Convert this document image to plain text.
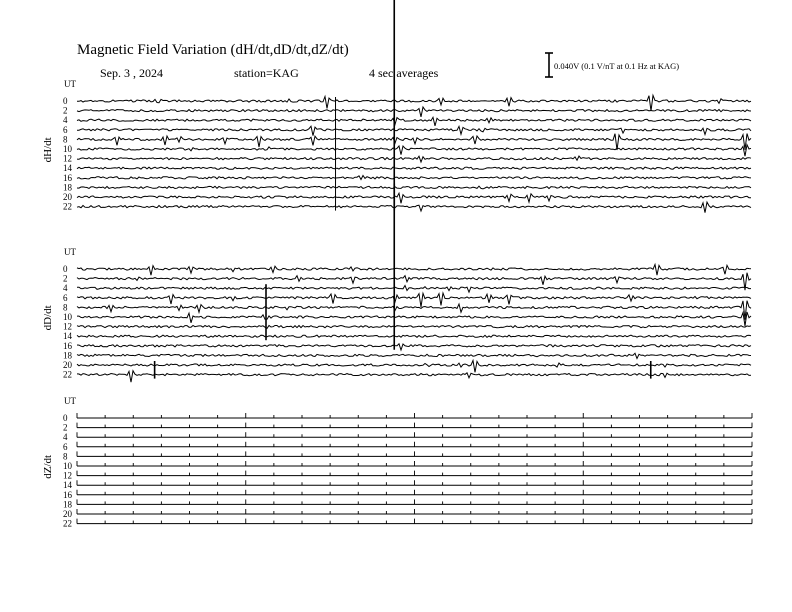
Magnetic Field Variation (dH/dt,dD/dt,dZ/dt)
Sep. 3 , 2024	station=KAG	4 sec averages	0.040V (0.1 V/nT at 0.1 Hz at KAG)
UT
dH/dt
0
2
4
6
8
10
12
14
16
18
20
22
UT
dD/dt
0
2
4
6
8
10
12
14
16
18
20
22
UT
dZ/dt
0
2
4
6
8
10
12
14
16
18
20
22
